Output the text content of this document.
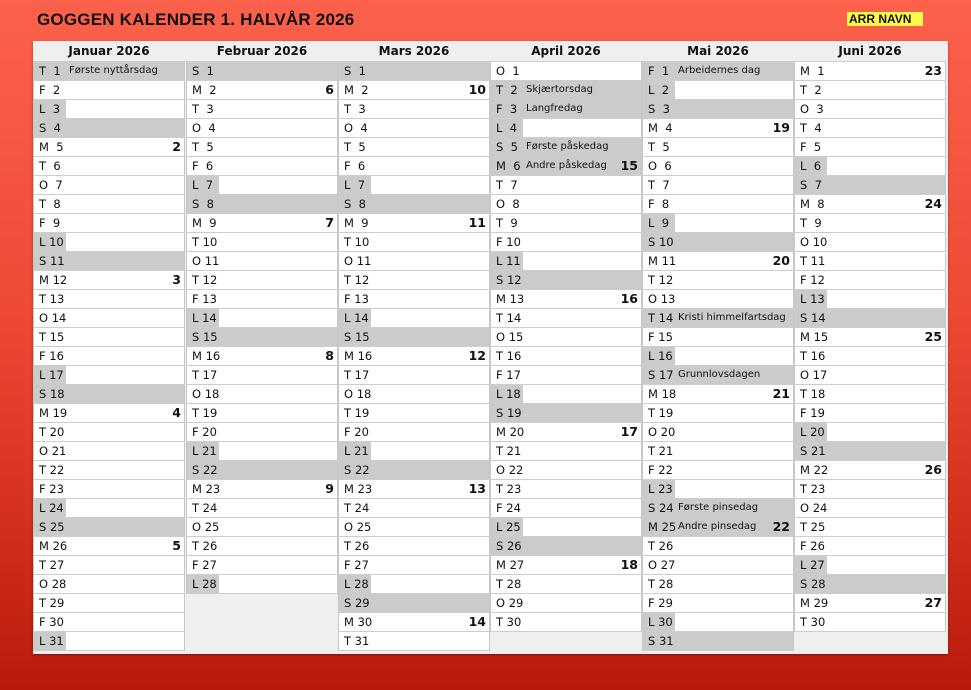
GOGGEN KALENDER 1. HALVÅR 2026	ARR NAVN
Januar 2026
T  1 Første nyttårsdag
F  2
L  3
S  4
M  5	2
T  6
O  7
T  8
F  9
L 10
S 11
M 12	3
T 13
O 14
T 15
F 16
L 17
S 18
M 19	4
T 20
O 21
T 22
F 23
L 24
S 25
M 26	5
T 27
O 28
T 29
F 30
L 31
Februar 2026
S  1
M  2	6
T  3
O  4
T  5
F  6
L  7
S  8
M  9	7
T 10
O 11
T 12
F 13
L 14
S 15
M 16	8
T 17
O 18
T 19
F 20
L 21
S 22
M 23	9
T 24
O 25
T 26
F 27
L 28
Mars 2026
S  1
M  2	10
T  3
O  4
T  5
F  6
L  7
S  8
M  9	11
T 10
O 11
T 12
F 13
L 14
S 15
M 16	12
T 17
O 18
T 19
F 20
L 21
S 22
M 23	13
T 24
O 25
T 26
F 27
L 28
S 29
M 30	14
T 31
April 2026
O  1
T  2 Skjærtorsdag
F  3 Langfredag
L  4
S  5 Første påskedag
M  6 Andre påskedag 15
T  7
O  8
T  9
F 10
L 11
S 12
M 13	16
T 14
O 15
T 16
F 17
L 18
S 19
M 20	17
T 21
O 22
T 23
F 24
L 25
S 26
M 27	18
T 28
O 29
T 30
Mai 2026
F  1 Arbeidernes dag
L  2
S  3
M  4	19
T  5
O  6
T  7
F  8
L  9
S 10
M 11	20
T 12
O 13
T 14 Kristi himmelfartsdag
F 15
L 16
S 17 Grunnlovsdagen
M 18	21
T 19
O 20
T 21
F 22
L 23
S 24 Første pinsedag
M 25 Andre pinsedag 22
T 26
O 27
T 28
F 29
L 30
S 31
Juni 2026
M  1	23
T  2
O  3
T  4
F  5
L  6
S  7
M  8	24
T  9
O 10
T 11
F 12
L 13
S 14
M 15	25
T 16
O 17
T 18
F 19
L 20
S 21
M 22	26
T 23
O 24
T 25
F 26
L 27
S 28
M 29	27
T 30
